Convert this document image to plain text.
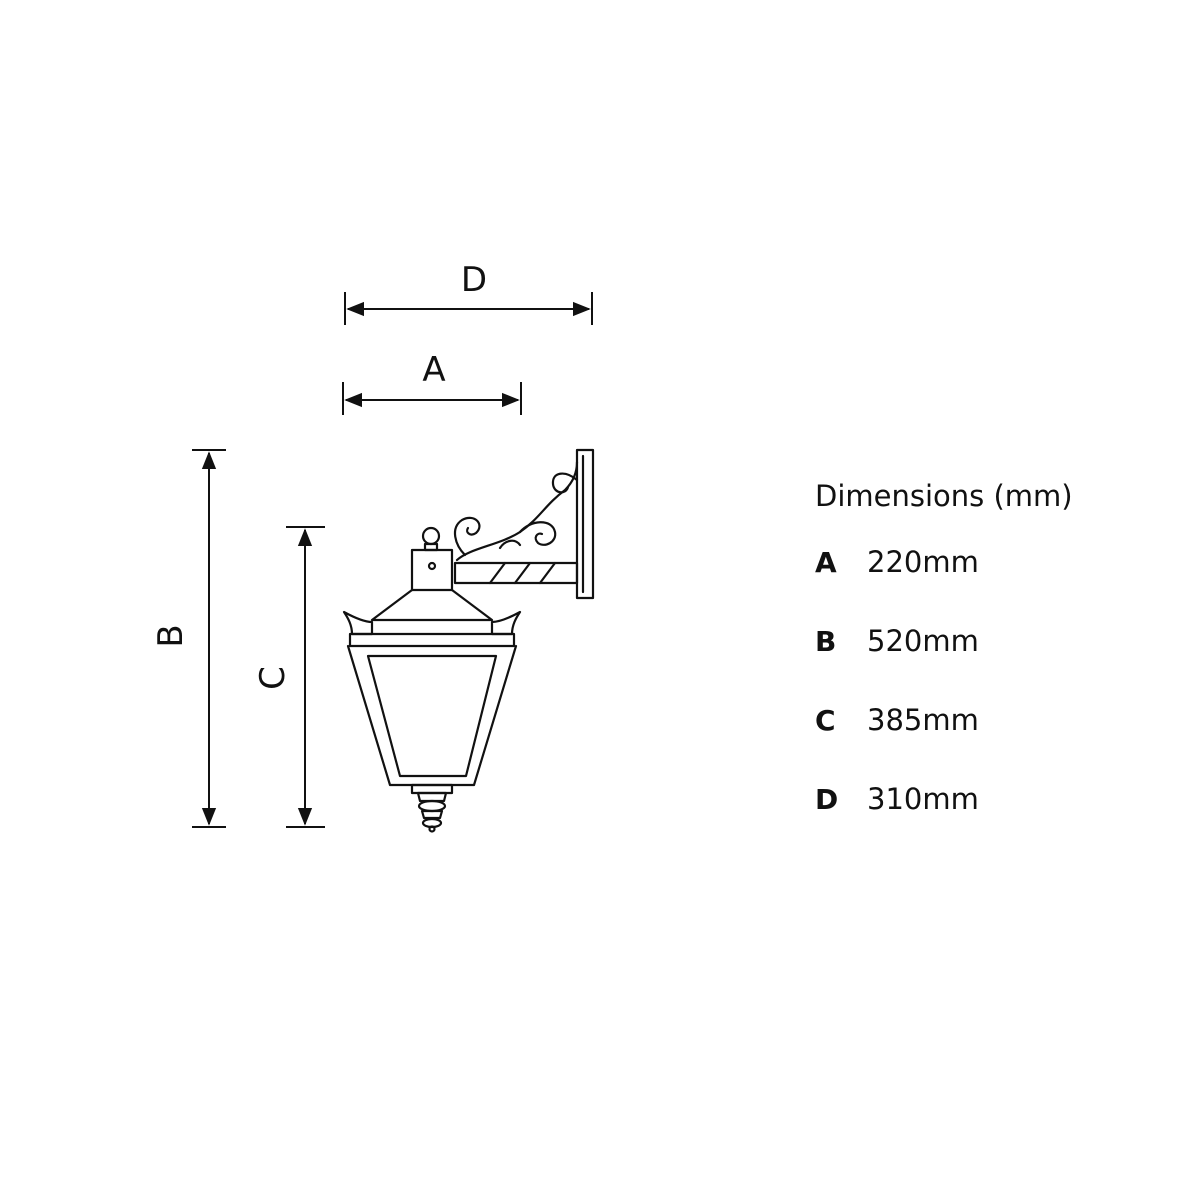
D
A
B
C
Dimensions (mm)
A	220mm
B	520mm
C	385mm
D 310mm
